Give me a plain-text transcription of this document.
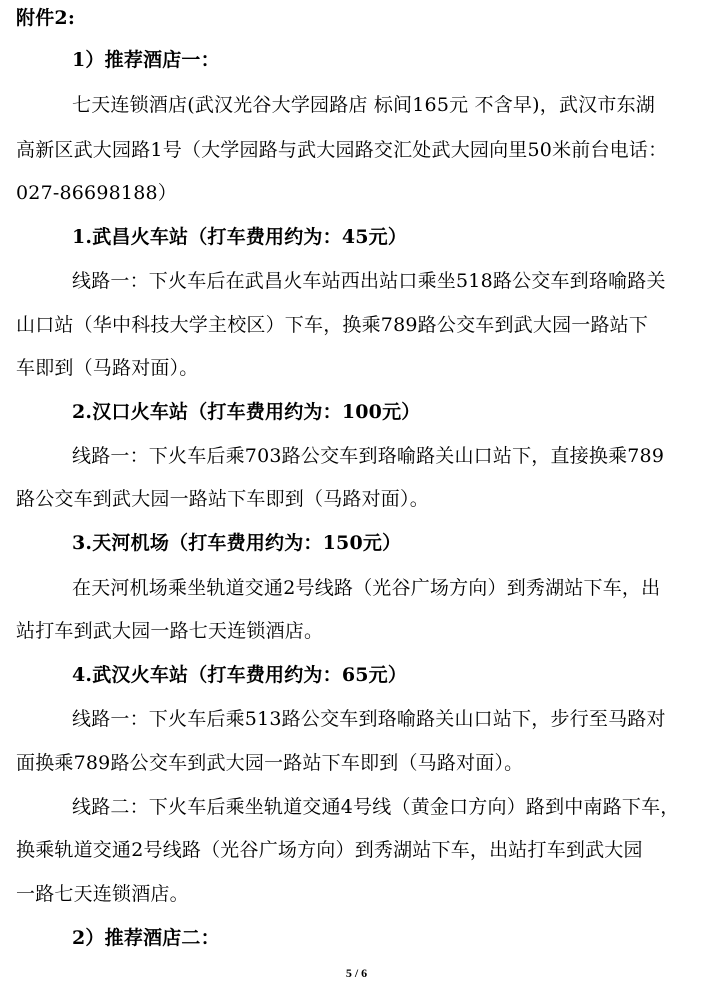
附件2:
1）推荐酒店一：
七天连锁酒店(武汉光谷大学园路店 标间165元 不含早)，武汉市东湖
高新区武大园路1号（大学园路与武大园路交汇处武大园向里50米前台电话：
027-86698188）
1.武昌火车站（打车费用约为：45元）
线路一：下火车后在武昌火车站西出站口乘坐518路公交车到珞喻路关
山口站（华中科技大学主校区）下车，换乘789路公交车到武大园一路站下
车即到（马路对面）。
2.汉口火车站（打车费用约为：100元）
线路一：下火车后乘703路公交车到珞喻路关山口站下，直接换乘789
路公交车到武大园一路站下车即到（马路对面）。
3.天河机场（打车费用约为：150元）
在天河机场乘坐轨道交通2号线路（光谷广场方向）到秀湖站下车，出
站打车到武大园一路七天连锁酒店。
4.武汉火车站（打车费用约为：65元）
线路一：下火车后乘513路公交车到珞喻路关山口站下，步行至马路对
面换乘789路公交车到武大园一路站下车即到（马路对面）。
线路二：下火车后乘坐轨道交通4号线（黄金口方向）路到中南路下车，
换乘轨道交通2号线路（光谷广场方向）到秀湖站下车，出站打车到武大园
一路七天连锁酒店。
2）推荐酒店二：
5 / 6
